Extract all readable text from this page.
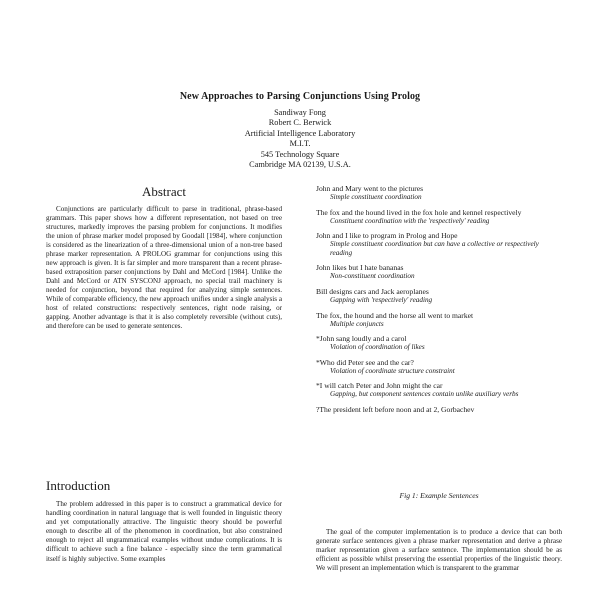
New Approaches to Parsing Conjunctions Using Prolog
Sandiway Fong
Robert C. Berwick
Artificial Intelligence Laboratory
M.I.T.
545 Technology Square
Cambridge MA 02139, U.S.A.
Abstract

Conjunctions are particularly difficult to parse in traditional, phrase-based grammars. This paper shows how a different representation, not based on tree structures, markedly improves the parsing problem for conjunctions. It modifies the union of phrase marker model proposed by Goodall [1984], where conjunction is considered as the linearization of a three-dimensional union of a non-tree based phrase marker representation. A PROLOG grammar for conjunctions using this new approach is given. It is far simpler and more transparent than a recent phrase-based extraposition parser conjunctions by Dahl and McCord [1984]. Unlike the Dahl and McCord or ATN SYSCONJ approach, no special trail machinery is needed for conjunction, beyond that required for analyzing simple sentences. While of comparable efficiency, the new approach unifies under a single analysis a host of related constructions: respectively sentences, right node raising, or gapping. Another advantage is that it is also completely reversible (without cuts), and therefore can be used to generate sentences.

Introduction

The problem addressed in this paper is to construct a grammatical device for handling coordination in natural language that is well founded in linguistic theory and yet computationally attractive. The linguistic theory should be powerful enough to describe all of the phenomenon in coordination, but also constrained enough to reject all ungrammatical examples without undue complications. It is difficult to achieve such a fine balance - especially since the term grammatical itself is highly subjective. Some examples

John and Mary went to the pictures
Simple constituent coordination
The fox and the hound lived in the fox hole and kennel respectively
Constituent coordination with the 'respectively' reading
John and I like to program in Prolog and Hope
Simple constituent coordination but can have a collective or respectively reading
John likes but I hate bananas
Non-constituent coordination
Bill designs cars and Jack aeroplanes
Gapping with 'respectively' reading
The fox, the hound and the horse all went to market
Multiple conjuncts
*John sang loudly and a carol
Violation of coordination of likes
*Who did Peter see and the car?
Violation of coordinate structure constraint
*I will catch Peter and John might the car
Gapping, but component sentences contain unlike auxiliary verbs
?The president left before noon and at 2, Gorbachev
Fig 1: Example Sentences

The goal of the computer implementation is to produce a device that can both generate surface sentences given a phrase marker representation and derive a phrase marker representation given a surface sentence. The implementation should be as efficient as possible whilst preserving the essential properties of the linguistic theory. We will present an implementation which is transparent to the grammar
